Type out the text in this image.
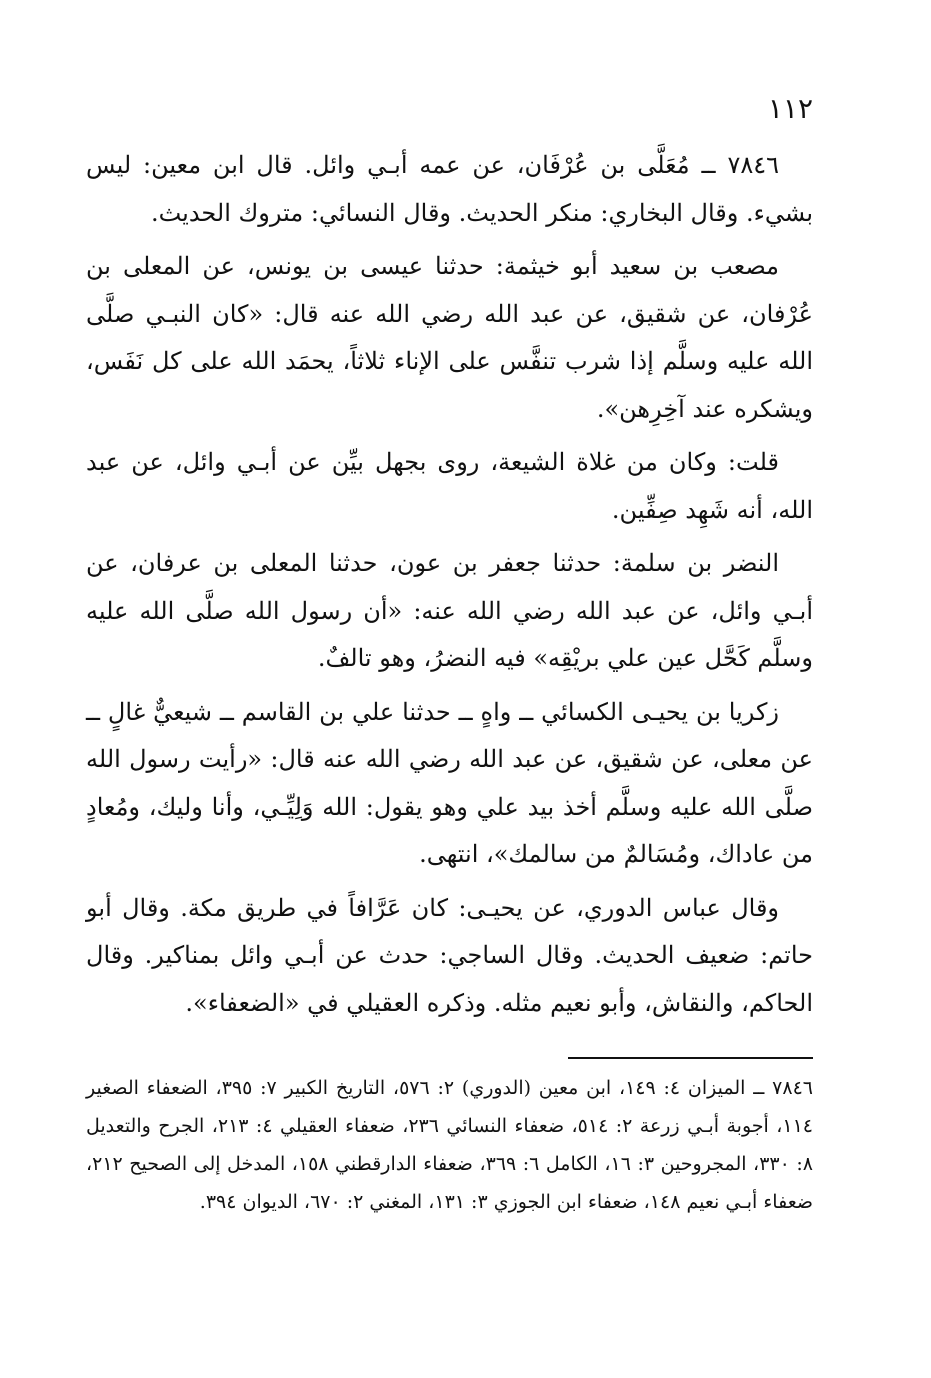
١١٢

٧٨٤٦ ــ مُعَلَّى بن عُرْفَان، عن عمه أبـي وائل. قال ابن معين: ليس بشيء. وقال البخاري: منكر الحديث. وقال النسائي: متروك الحديث.

مصعب بن سعيد أبو خيثمة: حدثنا عيسى بن يونس، عن المعلى بن عُرْفان، عن شقيق، عن عبد الله رضي الله عنه قال: «كان النبـي صلَّى الله عليه وسلَّم إذا شرب تنفَّس على الإناء ثلاثاً، يحمَد الله على كل نَفَس، ويشكره عند آخِرِهن».

قلت: وكان من غلاة الشيعة، روى بجهل بيِّن عن أبـي وائل، عن عبد الله، أنه شَهِد صِفِّين.

النضر بن سلمة: حدثنا جعفر بن عون، حدثنا المعلى بن عرفان، عن أبـي وائل، عن عبد الله رضي الله عنه: «أن رسول الله صلَّى الله عليه وسلَّم كَحَّل عين علي بريْقِه» فيه النضرُ، وهو تالفٌ.

زكريا بن يحيـى الكسائي ــ واهٍ ــ حدثنا علي بن القاسم ــ شيعيٌّ غالٍ ــ عن معلى، عن شقيق، عن عبد الله رضي الله عنه قال: «رأيت رسول الله صلَّى الله عليه وسلَّم أخذ بيد علي وهو يقول: الله وَلِيِّـي، وأنا وليك، ومُعادٍ من عاداك، ومُسَالمٌ من سالمك»، انتهى.

وقال عباس الدوري، عن يحيـى: كان عَرَّافاً في طريق مكة. وقال أبو حاتم: ضعيف الحديث. وقال الساجي: حدث عن أبـي وائل بمناكير. وقال الحاكم، والنقاش، وأبو نعيم مثله. وذكره العقيلي في «الضعفاء».

٧٨٤٦ ــ الميزان ٤: ١٤٩، ابن معين (الدوري) ٢: ٥٧٦، التاريخ الكبير ٧: ٣٩٥، الضعفاء الصغير ١١٤، أجوبة أبـي زرعة ٢: ٥١٤، ضعفاء النسائي ٢٣٦، ضعفاء العقيلي ٤: ٢١٣، الجرح والتعديل ٨: ٣٣٠، المجروحين ٣: ١٦، الكامل ٦: ٣٦٩، ضعفاء الدارقطني ١٥٨، المدخل إلى الصحيح ٢١٢، ضعفاء أبـي نعيم ١٤٨، ضعفاء ابن الجوزي ٣: ١٣١، المغني ٢: ٦٧٠، الديوان ٣٩٤.
